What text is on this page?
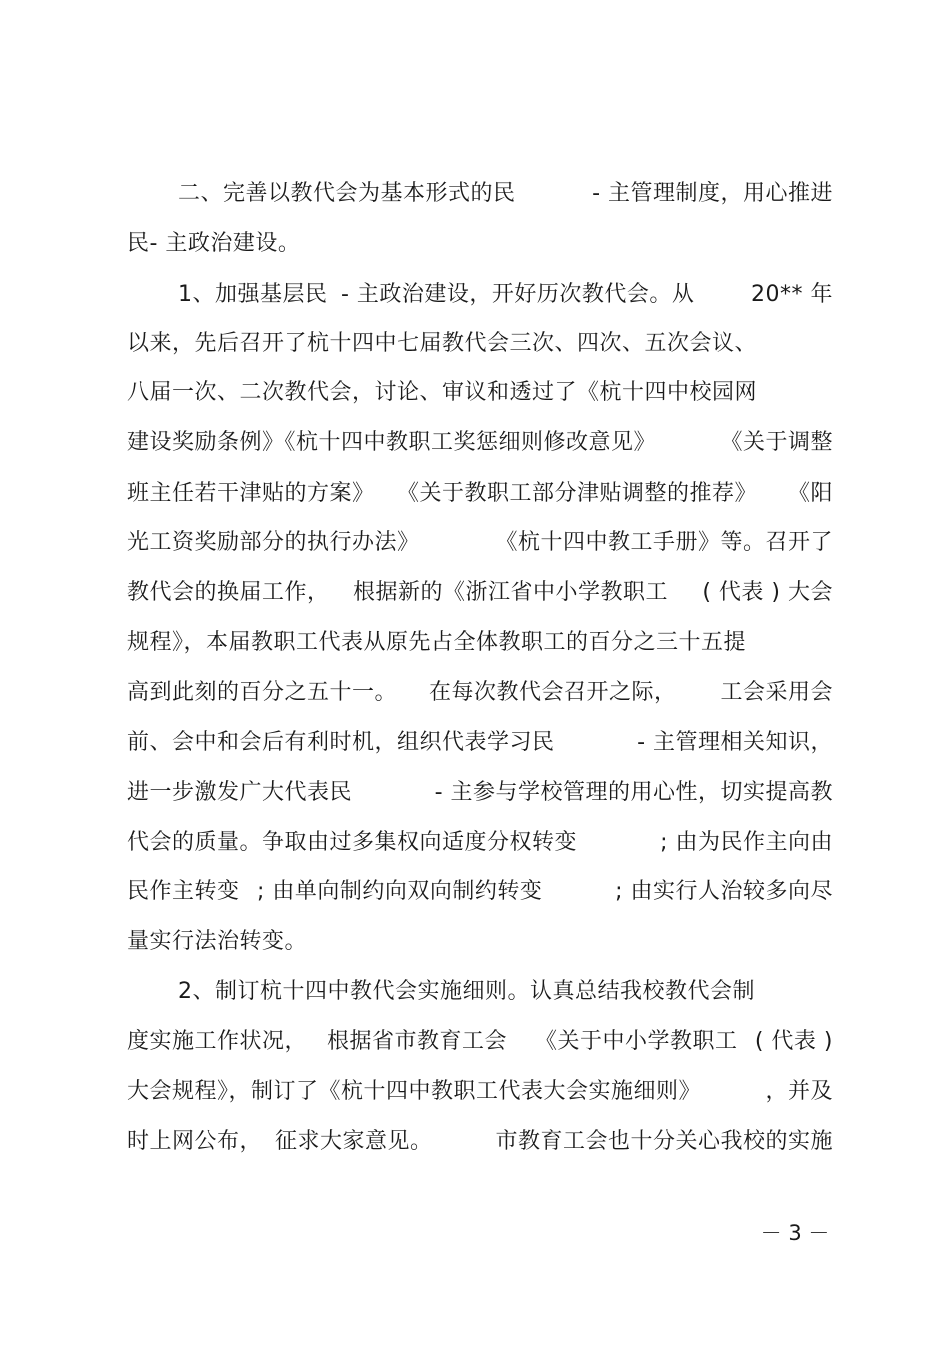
二、完善以教代会为基本形式的民	- 主管理制度，用心推进
民- 主政治建设。
1、加强基层民 - 主政治建设，开好历次教代会。从	20** 年
以来，先后召开了杭十四中七届教代会三次、四次、五次会议、
八届一次、二次教代会，讨论、审议和透过了《杭十四中校园网
建设奖励条例》《杭十四中教职工奖惩细则修改意见》	《关于调整
班主任若干津贴的方案》 《关于教职工部分津贴调整的推荐》 《阳
光工资奖励部分的执行办法》	《杭十四中教工手册》等。召开了
教代会的换届工作， 根据新的《浙江省中小学教职工 ( 代表 ) 大会
规程》，本届教职工代表从原先占全体教职工的百分之三十五提
高到此刻的百分之五十一。 在每次教代会召开之际， 工会采用会
前、会中和会后有利时机，组织代表学习民	- 主管理相关知识，
进一步激发广大代表民	- 主参与学校管理的用心性，切实提高教
代会的质量。争取由过多集权向适度分权转变	; 由为民作主向由
民作主转变 ; 由单向制约向双向制约转变	; 由实行人治较多向尽
量实行法治转变。
2、制订杭十四中教代会实施细则。认真总结我校教代会制
度实施工作状况， 根据省市教育工会 《关于中小学教职工 ( 代表 )
大会规程》，制订了《杭十四中教职工代表大会实施细则》	，并及
时上网公布， 征求大家意见。	市教育工会也十分关心我校的实施
－ 3 －
